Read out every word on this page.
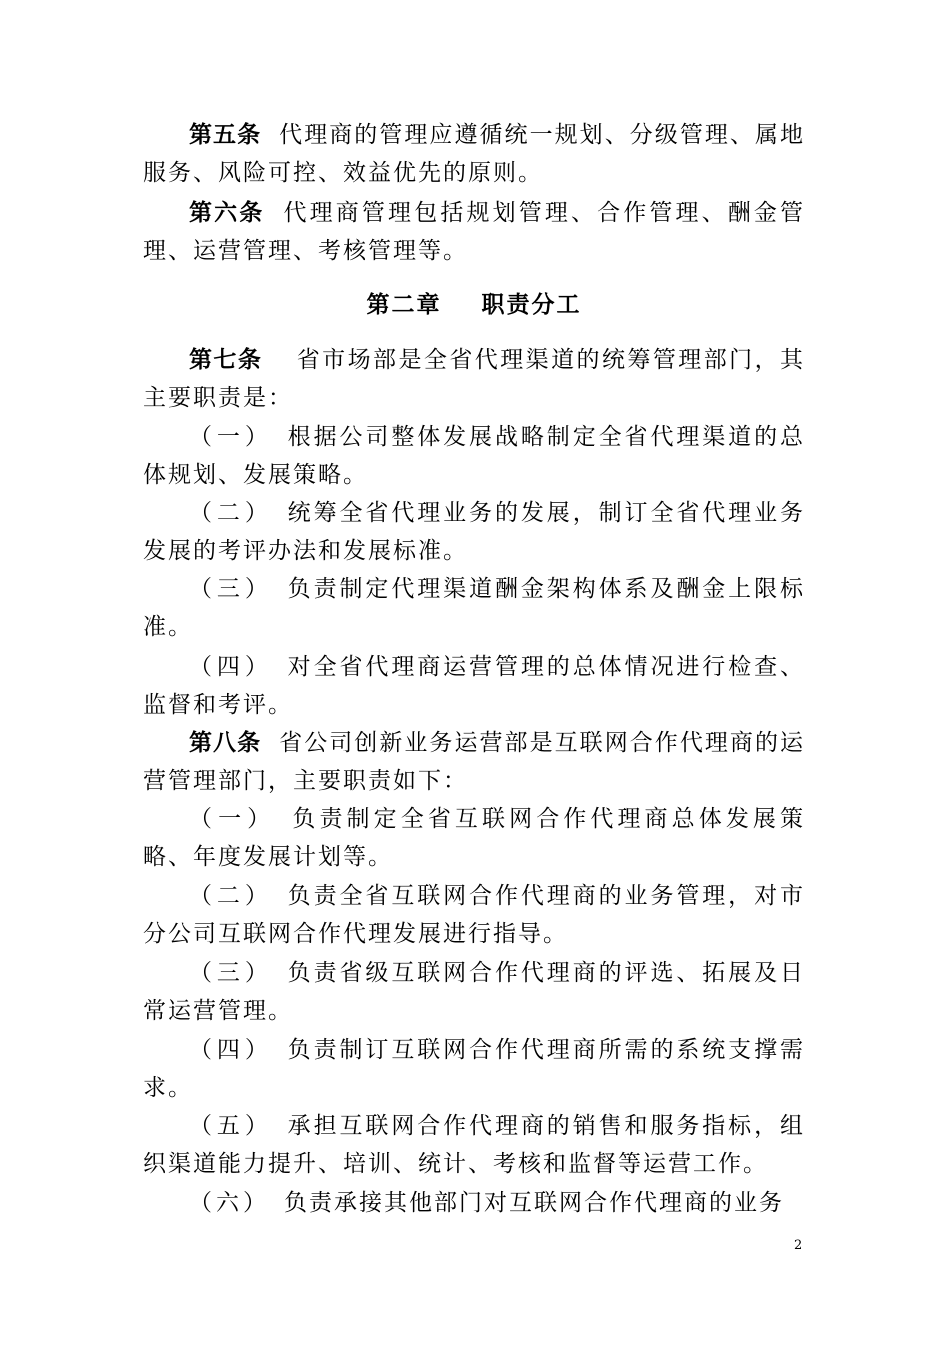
第五条 代理商的管理应遵循统一规划、分级管理、属地服务、风险可控、效益优先的原则。

第六条 代理商管理包括规划管理、合作管理、酬金管理、运营管理、考核管理等。

第二章 职责分工

第七条 省市场部是全省代理渠道的统筹管理部门，其主要职责是：

（一） 根据公司整体发展战略制定全省代理渠道的总体规划、发展策略。

（二） 统筹全省代理业务的发展，制订全省代理业务发展的考评办法和发展标准。

（三） 负责制定代理渠道酬金架构体系及酬金上限标准。

（四） 对全省代理商运营管理的总体情况进行检查、监督和考评。

第八条 省公司创新业务运营部是互联网合作代理商的运营管理部门，主要职责如下：

（一） 负责制定全省互联网合作代理商总体发展策略、年度发展计划等。

（二） 负责全省互联网合作代理商的业务管理，对市分公司互联网合作代理发展进行指导。

（三） 负责省级互联网合作代理商的评选、拓展及日常运营管理。

（四） 负责制订互联网合作代理商所需的系统支撑需求。

（五） 承担互联网合作代理商的销售和服务指标，组织渠道能力提升、培训、统计、考核和监督等运营工作。

（六） 负责承接其他部门对互联网合作代理商的业务

2
